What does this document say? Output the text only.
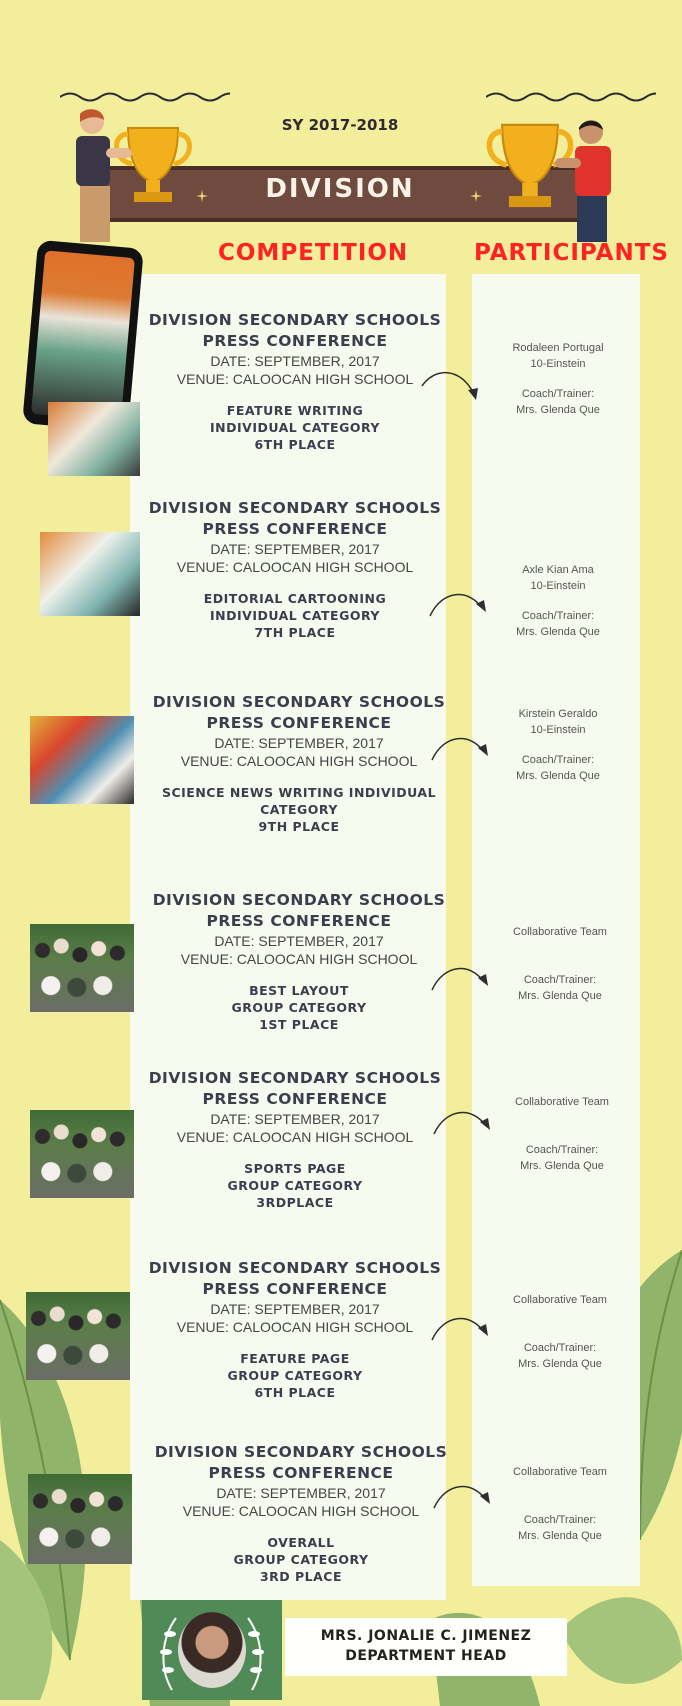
SY 2017-2018
DIVISION
COMPETITION	PARTICIPANTS
DIVISION SECONDARY SCHOOLS
PRESS CONFERENCE
DATE: SEPTEMBER, 2017
VENUE: CALOOCAN HIGH SCHOOL
FEATURE WRITING
INDIVIDUAL CATEGORY
6TH PLACE
DIVISION SECONDARY SCHOOLS
PRESS CONFERENCE
DATE: SEPTEMBER, 2017
VENUE: CALOOCAN HIGH SCHOOL
EDITORIAL CARTOONING
INDIVIDUAL CATEGORY
7TH PLACE
DIVISION SECONDARY SCHOOLS
PRESS CONFERENCE
DATE: SEPTEMBER, 2017
VENUE: CALOOCAN HIGH SCHOOL
SCIENCE NEWS WRITING INDIVIDUAL
CATEGORY
9TH PLACE
DIVISION SECONDARY SCHOOLS
PRESS CONFERENCE
DATE: SEPTEMBER, 2017
VENUE: CALOOCAN HIGH SCHOOL
BEST LAYOUT
GROUP CATEGORY
1ST PLACE
DIVISION SECONDARY SCHOOLS
PRESS CONFERENCE
DATE: SEPTEMBER, 2017
VENUE: CALOOCAN HIGH SCHOOL
SPORTS PAGE
GROUP CATEGORY
3RDPLACE
DIVISION SECONDARY SCHOOLS
PRESS CONFERENCE
DATE: SEPTEMBER, 2017
VENUE: CALOOCAN HIGH SCHOOL
FEATURE PAGE
GROUP CATEGORY
6TH PLACE
DIVISION SECONDARY SCHOOLS
PRESS CONFERENCE
DATE: SEPTEMBER, 2017
VENUE: CALOOCAN HIGH SCHOOL
OVERALL
GROUP CATEGORY
3RD PLACE
Rodaleen Portugal
10-Einstein
Coach/Trainer:
Mrs. Glenda Que
Axle Kian Ama
10-Einstein
Coach/Trainer:
Mrs. Glenda Que
Kirstein Geraldo
10-Einstein
Coach/Trainer:
Mrs. Glenda Que
Collaborative Team
Coach/Trainer:
Mrs. Glenda Que
Collaborative Team
Coach/Trainer:
Mrs. Glenda Que
Collaborative Team
Coach/Trainer:
Mrs. Glenda Que
Collaborative Team
Coach/Trainer:
Mrs. Glenda Que
MRS. JONALIE C. JIMENEZ
DEPARTMENT HEAD
